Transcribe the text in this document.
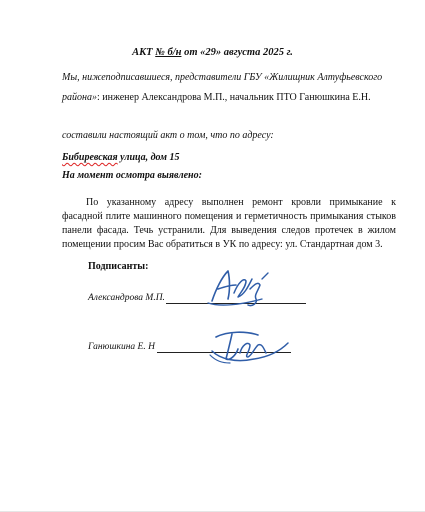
АКТ № б/н от «29» августа 2025 г.
Мы, нижеподписавшиеся, представители ГБУ «Жилищник Алтуфьевского
района»: инженер Александрова М.П., начальник ПТО Ганюшкина Е.Н.
составили настоящий акт о том, что по адресу:
Бибиревская улица, дом 15
На момент осмотра выявлено:
По указанному адресу выполнен ремонт кровли примыкание к фасадной плите машинного помещения и герметичность примыкания стыков панели фасада. Течь устранили. Для выведения следов протечек в жилом помещении просим Вас обратиться в УК по адресу: ул. Стандартная дом 3.
Подписанты:
Александрова М.П.
Ганюшкина Е. Н
